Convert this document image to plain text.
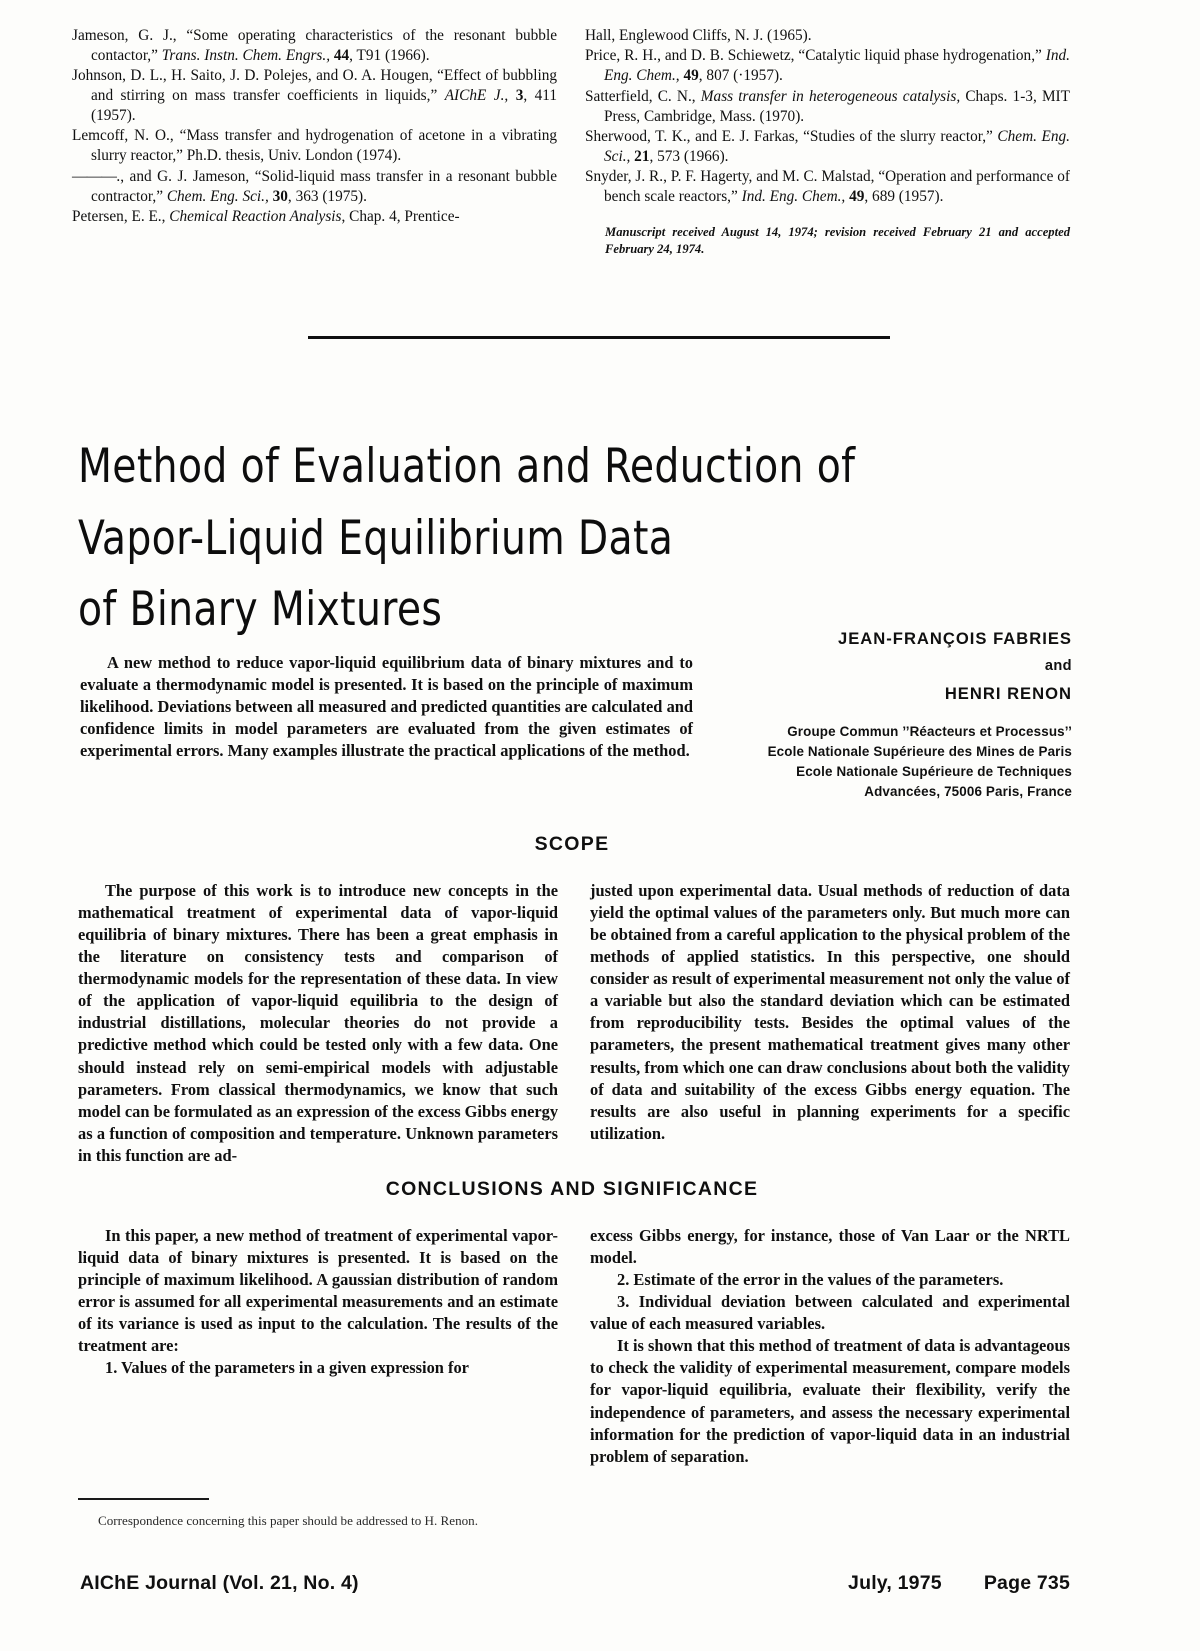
Jameson, G. J., “Some operating characteristics of the resonant bubble contactor,” Trans. Instn. Chem. Engrs., 44, T91 (1966).

Johnson, D. L., H. Saito, J. D. Polejes, and O. A. Hougen, “Effect of bubbling and stirring on mass transfer coefficients in liquids,” AIChE J., 3, 411 (1957).

Lemcoff, N. O., “Mass transfer and hydrogenation of acetone in a vibrating slurry reactor,” Ph.D. thesis, Univ. London (1974).

———., and G. J. Jameson, “Solid-liquid mass transfer in a resonant bubble contractor,” Chem. Eng. Sci., 30, 363 (1975).

Petersen, E. E., Chemical Reaction Analysis, Chap. 4, Prentice-

Hall, Englewood Cliffs, N. J. (1965).

Price, R. H., and D. B. Schiewetz, “Catalytic liquid phase hydrogenation,” Ind. Eng. Chem., 49, 807 (·1957).

Satterfield, C. N., Mass transfer in heterogeneous catalysis, Chaps. 1-3, MIT Press, Cambridge, Mass. (1970).

Sherwood, T. K., and E. J. Farkas, “Studies of the slurry reactor,” Chem. Eng. Sci., 21, 573 (1966).

Snyder, J. R., P. F. Hagerty, and M. C. Malstad, “Operation and performance of bench scale reactors,” Ind. Eng. Chem., 49, 689 (1957).

Manuscript received August 14, 1974; revision received February 21 and accepted February 24, 1974.

Method of Evaluation and Reduction of
Vapor-Liquid Equilibrium Data
of Binary Mixtures
A new method to reduce vapor-liquid equilibrium data of binary mixtures and to evaluate a thermodynamic model is presented. It is based on the principle of maximum likelihood. Deviations between all measured and predicted quantities are calculated and confidence limits in model parameters are evaluated from the given estimates of experimental errors. Many examples illustrate the practical applications of the method.
JEAN-FRANÇOIS FABRIES
and
HENRI RENON
Groupe Commun ’’Réacteurs et Processus’’
Ecole Nationale Supérieure des Mines de Paris
Ecole Nationale Supérieure de Techniques
Advancées, 75006 Paris, France
SCOPE

The purpose of this work is to introduce new concepts in the mathematical treatment of experimental data of vapor-liquid equilibria of binary mixtures. There has been a great emphasis in the literature on consistency tests and comparison of thermodynamic models for the representation of these data. In view of the application of vapor-liquid equilibria to the design of industrial distillations, molecular theories do not provide a predictive method which could be tested only with a few data. One should instead rely on semi-empirical models with adjustable parameters. From classical thermodynamics, we know that such model can be formulated as an expression of the excess Gibbs energy as a function of composition and temperature. Unknown parameters in this function are ad-

justed upon experimental data. Usual methods of reduction of data yield the optimal values of the parameters only. But much more can be obtained from a careful application to the physical problem of the methods of applied statistics. In this perspective, one should consider as result of experimental measurement not only the value of a variable but also the standard deviation which can be estimated from reproducibility tests. Besides the optimal values of the parameters, the present mathematical treatment gives many other results, from which one can draw conclusions about both the validity of data and suitability of the excess Gibbs energy equation. The results are also useful in planning experiments for a specific utilization.

CONCLUSIONS AND SIGNIFICANCE

In this paper, a new method of treatment of experimental vapor-liquid data of binary mixtures is presented. It is based on the principle of maximum likelihood. A gaussian distribution of random error is assumed for all experimental measurements and an estimate of its variance is used as input to the calculation. The results of the treatment are:

1. Values of the parameters in a given expression for

excess Gibbs energy, for instance, those of Van Laar or the NRTL model.

2. Estimate of the error in the values of the parameters.

3. Individual deviation between calculated and experimental value of each measured variables.

It is shown that this method of treatment of data is advantageous to check the validity of experimental measurement, compare models for vapor-liquid equilibria, evaluate their flexibility, verify the independence of parameters, and assess the necessary experimental information for the prediction of vapor-liquid data in an industrial problem of separation.

Correspondence concerning this paper should be addressed to H. Renon.
AIChE Journal (Vol. 21, No. 4)	July, 1975 Page 735
